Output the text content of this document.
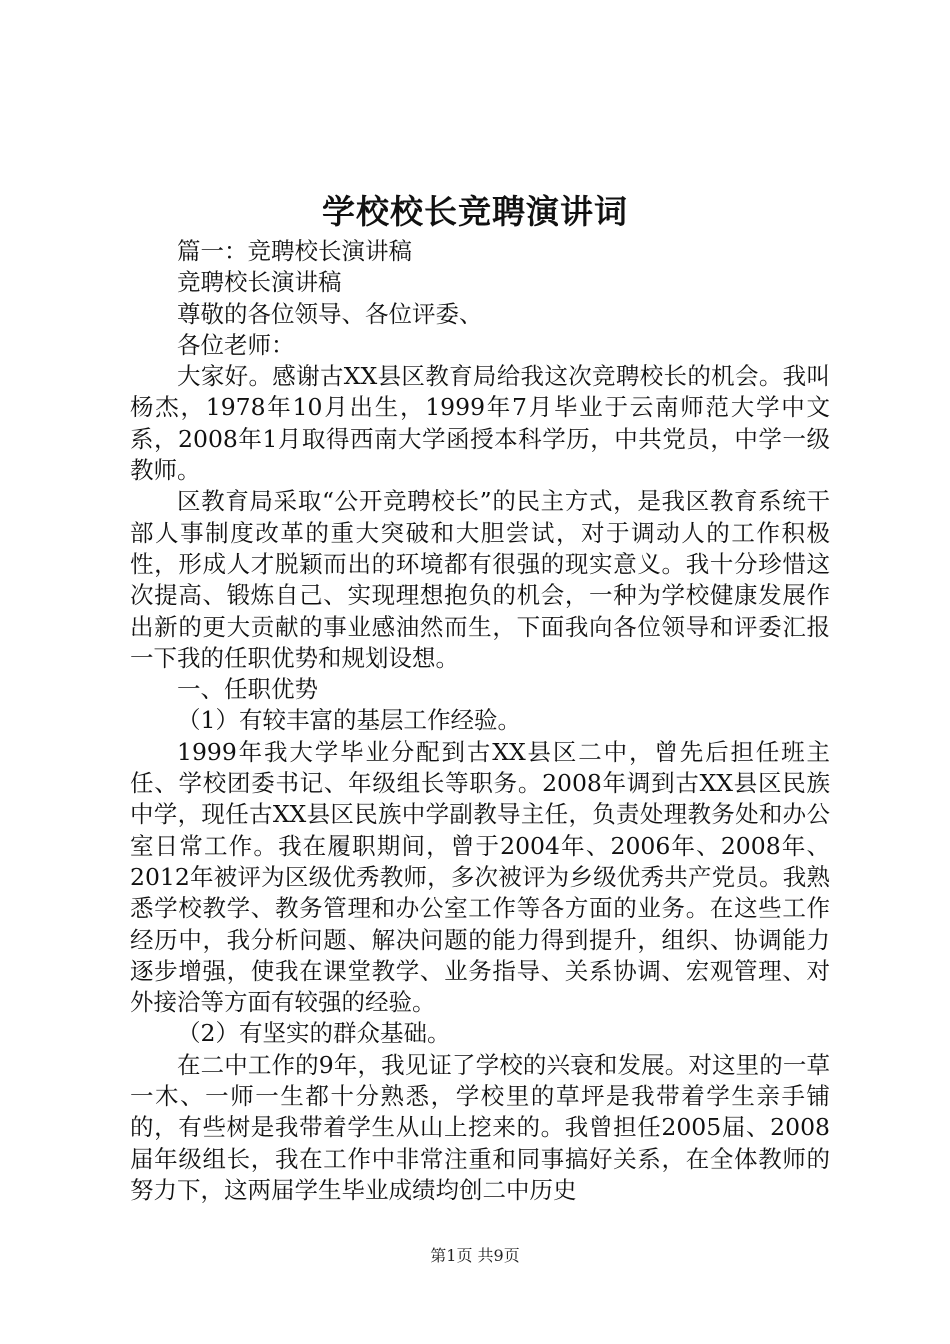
学校校长竞聘演讲词

篇一：竞聘校长演讲稿

竞聘校长演讲稿

尊敬的各位领导、各位评委、

各位老师：

大家好。感谢古XX县区教育局给我这次竞聘校长的机会。我叫杨杰，1978年10月出生，1999年7月毕业于云南师范大学中文系，2008年1月取得西南大学函授本科学历，中共党员，中学一级教师。

区教育局采取“公开竞聘校长”的民主方式，是我区教育系统干部人事制度改革的重大突破和大胆尝试，对于调动人的工作积极性，形成人才脱颖而出的环境都有很强的现实意义。我十分珍惜这次提高、锻炼自己、实现理想抱负的机会，一种为学校健康发展作出新的更大贡献的事业感油然而生，下面我向各位领导和评委汇报一下我的任职优势和规划设想。

一、任职优势

（1）有较丰富的基层工作经验。

1999年我大学毕业分配到古XX县区二中，曾先后担任班主任、学校团委书记、年级组长等职务。2008年调到古XX县区民族中学，现任古XX县区民族中学副教导主任，负责处理教务处和办公室日常工作。我在履职期间，曾于2004年、2006年、2008年、2012年被评为区级优秀教师，多次被评为乡级优秀共产党员。我熟悉学校教学、教务管理和办公室工作等各方面的业务。在这些工作经历中，我分析问题、解决问题的能力得到提升，组织、协调能力逐步增强，使我在课堂教学、业务指导、关系协调、宏观管理、对外接洽等方面有较强的经验。

（2）有坚实的群众基础。

在二中工作的9年，我见证了学校的兴衰和发展。对这里的一草一木、一师一生都十分熟悉，学校里的草坪是我带着学生亲手铺的，有些树是我带着学生从山上挖来的。我曾担任2005届、2008届年级组长，我在工作中非常注重和同事搞好关系，在全体教师的努力下，这两届学生毕业成绩均创二中历史

第1页 共9页
